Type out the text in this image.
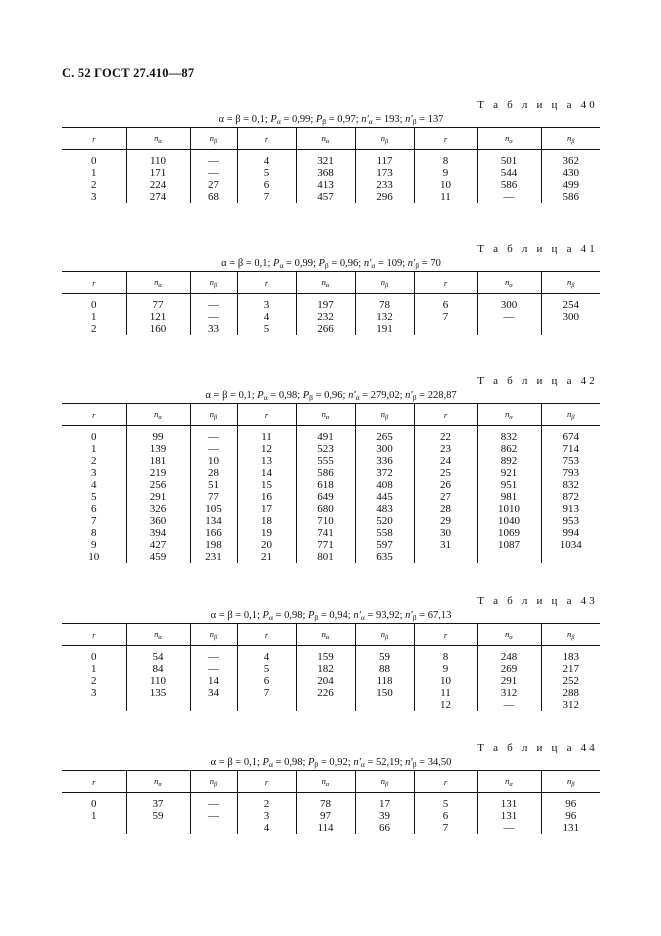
С. 52 ГОСТ 27.410—87
Т а б л и ц а 40
α = β = 0,1; $P_\alpha = 0,99$; $P_\beta = 0,97$; $n'_\alpha = 193$; $n'_\beta = 137$
r	$n_\alpha$	$n_\beta$	r	$n_\alpha$	$n_\beta$	r	$n_\alpha$	$n_\beta$

0	110	—	4	321	117	8	501	362
1	171	—	5	368	173	9	544	430
2	224	27	6	413	233	10	586	499
3	274	68	7	457	296	11	—	586
Т а б л и ц а 41
α = β = 0,1; $P_\alpha = 0,99$; $P_\beta = 0,96$; $n'_\alpha = 109$; $n'_\beta = 70$
r	$n_\alpha$	$n_\beta$	r	$n_\alpha$	$n_\beta$	r	$n_\alpha$	$n_\beta$

0	77	—	3	197	78	6	300	254
1	121	—	4	232	132	7	—	300
2	160	33	5	266	191			
Т а б л и ц а 42
α = β = 0,1; $P_\alpha = 0,98$; $P_\beta = 0,96$; $n'_\alpha = 279,02$; $n'_\beta = 228,87$
r	$n_\alpha$	$n_\beta$	r	$n_\alpha$	$n_\beta$	r	$n_\alpha$	$n_\beta$

0	99	—	11	491	265	22	832	674
1	139	—	12	523	300	23	862	714
2	181	10	13	555	336	24	892	753
3	219	28	14	586	372	25	921	793
4	256	51	15	618	408	26	951	832
5	291	77	16	649	445	27	981	872
6	326	105	17	680	483	28	1010	913
7	360	134	18	710	520	29	1040	953
8	394	166	19	741	558	30	1069	994
9	427	198	20	771	597	31	1087	1034
10	459	231	21	801	635			
Т а б л и ц а 43
α = β = 0,1; $P_\alpha = 0,98$; $P_\beta = 0,94$; $n'_\alpha = 93,92$; $n'_\beta = 67,13$
r	$n_\alpha$	$n_\beta$	r	$n_\alpha$	$n_\beta$	r	$n_\alpha$	$n_\beta$

0	54	—	4	159	59	8	248	183
1	84	—	5	182	88	9	269	217
2	110	14	6	204	118	10	291	252
3	135	34	7	226	150	11	312	288
						12	—	312
Т а б л и ц а 44
α = β = 0,1; $P_\alpha = 0,98$; $P_\beta = 0,92$; $n'_\alpha = 52,19$; $n'_\beta = 34,50$
r	$n_\alpha$	$n_\beta$	r	$n_\alpha$	$n_\beta$	r	$n_\alpha$	$n_\beta$

0	37	—	2	78	17	5	131	96
1	59	—	3	97	39	6	131	96
			4	114	66	7	—	131
